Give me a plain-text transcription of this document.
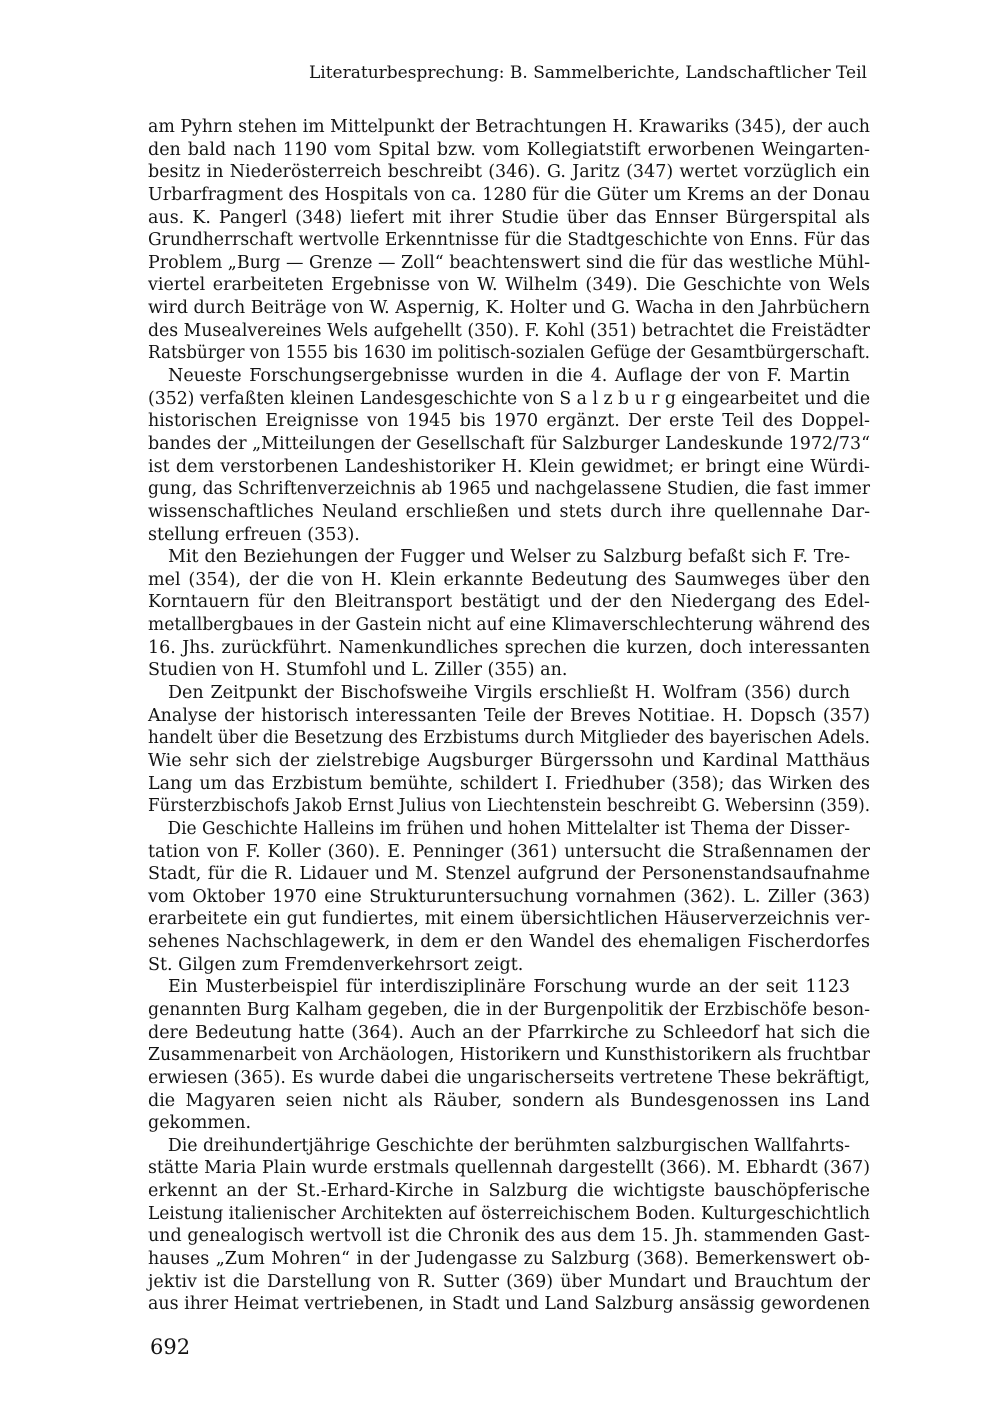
Literaturbesprechung: B. Sammelberichte, Landschaftlicher Teil
am Pyhrn stehen im Mittelpunkt der Betrachtungen H. Krawariks (345), der auch
den bald nach 1190 vom Spital bzw. vom Kollegiatstift erworbenen Weingarten-
besitz in Niederösterreich beschreibt (346). G. Jaritz (347) wertet vorzüglich ein
Urbarfragment des Hospitals von ca. 1280 für die Güter um Krems an der Donau
aus. K. Pangerl (348) liefert mit ihrer Studie über das Ennser Bürgerspital als
Grundherrschaft wertvolle Erkenntnisse für die Stadtgeschichte von Enns. Für das
Problem „Burg — Grenze — Zoll“ beachtenswert sind die für das westliche Mühl-
viertel erarbeiteten Ergebnisse von W. Wilhelm (349). Die Geschichte von Wels
wird durch Beiträge von W. Aspernig, K. Holter und G. Wacha in den Jahrbüchern
des Musealvereines Wels aufgehellt (350). F. Kohl (351) betrachtet die Freistädter
Ratsbürger von 1555 bis 1630 im politisch-sozialen Gefüge der Gesamtbürgerschaft.
Neueste Forschungsergebnisse wurden in die 4. Auflage der von F. Martin
(352) verfaßten kleinen Landesgeschichte von S a l z b u r g eingearbeitet und die
historischen Ereignisse von 1945 bis 1970 ergänzt. Der erste Teil des Doppel-
bandes der „Mitteilungen der Gesellschaft für Salzburger Landeskunde 1972/73“
ist dem verstorbenen Landeshistoriker H. Klein gewidmet; er bringt eine Würdi-
gung, das Schriftenverzeichnis ab 1965 und nachgelassene Studien, die fast immer
wissenschaftliches Neuland erschließen und stets durch ihre quellennahe Dar-
stellung erfreuen (353).
Mit den Beziehungen der Fugger und Welser zu Salzburg befaßt sich F. Tre-
mel (354), der die von H. Klein erkannte Bedeutung des Saumweges über den
Korntauern für den Bleitransport bestätigt und der den Niedergang des Edel-
metallbergbaues in der Gastein nicht auf eine Klimaverschlechterung während des
16. Jhs. zurückführt. Namenkundliches sprechen die kurzen, doch interessanten
Studien von H. Stumfohl und L. Ziller (355) an.
Den Zeitpunkt der Bischofsweihe Virgils erschließt H. Wolfram (356) durch
Analyse der historisch interessanten Teile der Breves Notitiae. H. Dopsch (357)
handelt über die Besetzung des Erzbistums durch Mitglieder des bayerischen Adels.
Wie sehr sich der zielstrebige Augsburger Bürgerssohn und Kardinal Matthäus
Lang um das Erzbistum bemühte, schildert I. Friedhuber (358); das Wirken des
Fürsterzbischofs Jakob Ernst Julius von Liechtenstein beschreibt G. Webersinn (359).
Die Geschichte Halleins im frühen und hohen Mittelalter ist Thema der Disser-
tation von F. Koller (360). E. Penninger (361) untersucht die Straßennamen der
Stadt, für die R. Lidauer und M. Stenzel aufgrund der Personenstandsaufnahme
vom Oktober 1970 eine Strukturuntersuchung vornahmen (362). L. Ziller (363)
erarbeitete ein gut fundiertes, mit einem übersichtlichen Häuserverzeichnis ver-
sehenes Nachschlagewerk, in dem er den Wandel des ehemaligen Fischerdorfes
St. Gilgen zum Fremdenverkehrsort zeigt.
Ein Musterbeispiel für interdisziplinäre Forschung wurde an der seit 1123
genannten Burg Kalham gegeben, die in der Burgenpolitik der Erzbischöfe beson-
dere Bedeutung hatte (364). Auch an der Pfarrkirche zu Schleedorf hat sich die
Zusammenarbeit von Archäologen, Historikern und Kunsthistorikern als fruchtbar
erwiesen (365). Es wurde dabei die ungarischerseits vertretene These bekräftigt,
die Magyaren seien nicht als Räuber, sondern als Bundesgenossen ins Land
gekommen.
Die dreihundertjährige Geschichte der berühmten salzburgischen Wallfahrts-
stätte Maria Plain wurde erstmals quellennah dargestellt (366). M. Ebhardt (367)
erkennt an der St.-Erhard-Kirche in Salzburg die wichtigste bauschöpferische
Leistung italienischer Architekten auf österreichischem Boden. Kulturgeschichtlich
und genealogisch wertvoll ist die Chronik des aus dem 15. Jh. stammenden Gast-
hauses „Zum Mohren“ in der Judengasse zu Salzburg (368). Bemerkenswert ob-
jektiv ist die Darstellung von R. Sutter (369) über Mundart und Brauchtum der
aus ihrer Heimat vertriebenen, in Stadt und Land Salzburg ansässig gewordenen
692
